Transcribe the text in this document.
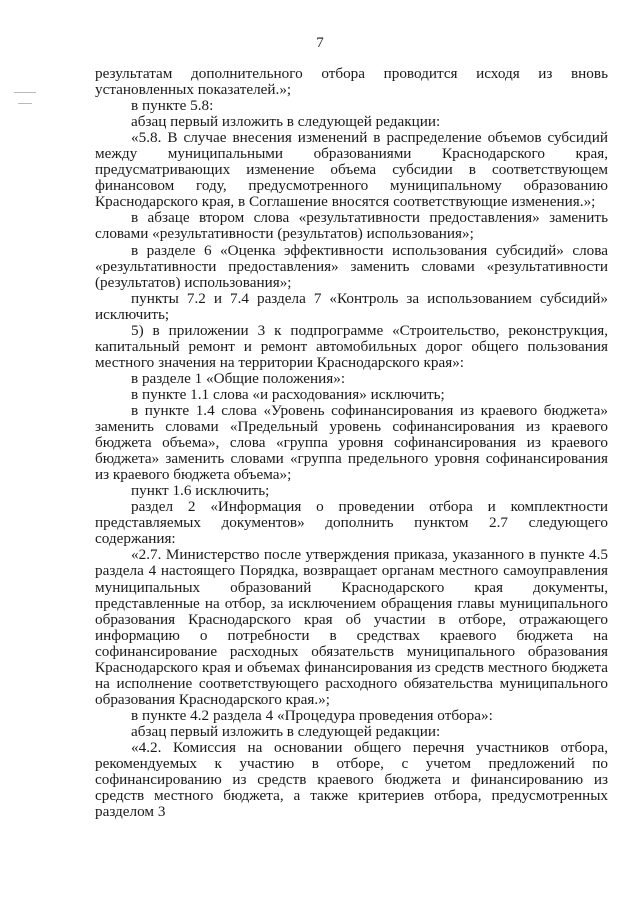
7

результатам дополнительного отбора проводится исходя из вновь установленных показателей.»;

в пункте 5.8:

абзац первый изложить в следующей редакции:

«5.8. В случае внесения изменений в распределение объемов субсидий между муниципальными образованиями Краснодарского края, предусматривающих изменение объема субсидии в соответствующем финансовом году, предусмотренного муниципальному образованию Краснодарского края, в Соглашение вносятся соответствующие изменения.»;

в абзаце втором слова «результативности предоставления» заменить словами «результативности (результатов) использования»;

в разделе 6 «Оценка эффективности использования субсидий» слова «результативности предоставления» заменить словами «результативности (результатов) использования»;

пункты 7.2 и 7.4 раздела 7 «Контроль за использованием субсидий» исключить;

5) в приложении 3 к подпрограмме «Строительство, реконструкция, капитальный ремонт и ремонт автомобильных дорог общего пользования местного значения на территории Краснодарского края»:

в разделе 1 «Общие положения»:

в пункте 1.1 слова «и расходования» исключить;

в пункте 1.4 слова «Уровень софинансирования из краевого бюджета» заменить словами «Предельный уровень софинансирования из краевого бюджета объема», слова «группа уровня софинансирования из краевого бюджета» заменить словами «группа предельного уровня софинансирования из краевого бюджета объема»;

пункт 1.6 исключить;

раздел 2 «Информация о проведении отбора и комплектности представляемых документов» дополнить пунктом 2.7 следующего содержания:

«2.7. Министерство после утверждения приказа, указанного в пункте 4.5 раздела 4 настоящего Порядка, возвращает органам местного самоуправления муниципальных образований Краснодарского края документы, представленные на отбор, за исключением обращения главы муниципального образования Краснодарского края об участии в отборе, отражающего информацию о потребности в средствах краевого бюджета на софинансирование расходных обязательств муниципального образования Краснодарского края и объемах финансирования из средств местного бюджета на исполнение соответствующего расходного обязательства муниципального образования Краснодарского края.»;

в пункте 4.2 раздела 4 «Процедура проведения отбора»:

абзац первый изложить в следующей редакции:

«4.2. Комиссия на основании общего перечня участников отбора, рекомендуемых к участию в отборе, с учетом предложений по софинансированию из средств краевого бюджета и финансированию из средств местного бюджета, а также критериев отбора, предусмотренных разделом 3
